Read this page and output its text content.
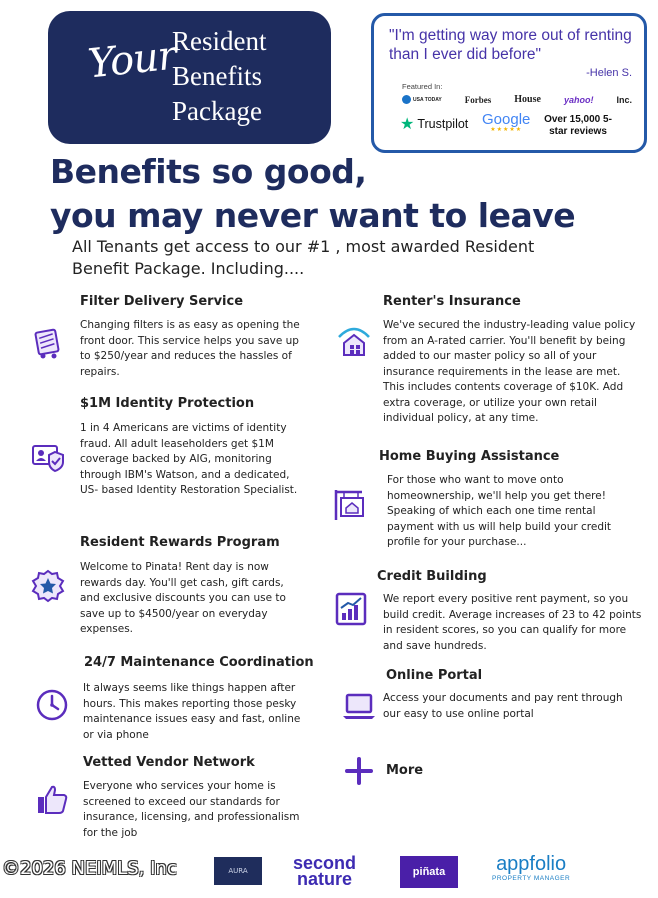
Your
Resident
Benefits
Package
"I'm getting way more out of renting than I ever did before"
-Helen S.
Featured In:
USA TODAY	Forbes House	yahoo!	Inc.
★ Trustpilot Google
★★★★★
Over 15,000 5-star reviews
Benefits so good,
you may never want to leave
All Tenants get access to our #1 , most awarded Resident Benefit Package. Including....
Filter Delivery Service
Changing filters is as easy as opening the front door. This service helps you save up to $250/year and reduces the hassles of repairs.
$1M Identity Protection
1 in 4 Americans are victims of identity fraud. All adult leaseholders get $1M coverage backed by AIG, monitoring through IBM's Watson, and a dedicated, US- based Identity Restoration Specialist.
Resident Rewards Program
Welcome to Pinata! Rent day is now rewards day. You'll get cash, gift cards, and exclusive discounts you can use to save up to $4500/year on everyday expenses.
24/7 Maintenance Coordination
It always seems like things happen after hours. This makes reporting those pesky maintenance issues easy and fast, online or via phone
Vetted Vendor Network
Everyone who services your home is screened to exceed our standards for insurance, licensing, and professionalism for the job
Renter's Insurance
We've secured the industry-leading value policy from an A-rated carrier. You'll benefit by being added to our master policy so all of your insurance requirements in the lease are met. This includes contents coverage of $10K. Add extra coverage, or utilize your own retail individual policy, at any time.
Home Buying Assistance
For those who want to move onto homeownership, we'll help you get there! Speaking of which each one time rental payment with us will help build your credit profile for your purchase...
Credit Building
We report every positive rent payment, so you build credit. Average increases of 23 to 42 points in resident scores, so you can qualify for more and save hundreds.
Online Portal
Access your documents and pay rent through our easy to use online portal
More
AURA	second
nature	piñata	appfolio
PROPERTY MANAGER
©2026 NEIMLS, Inc
